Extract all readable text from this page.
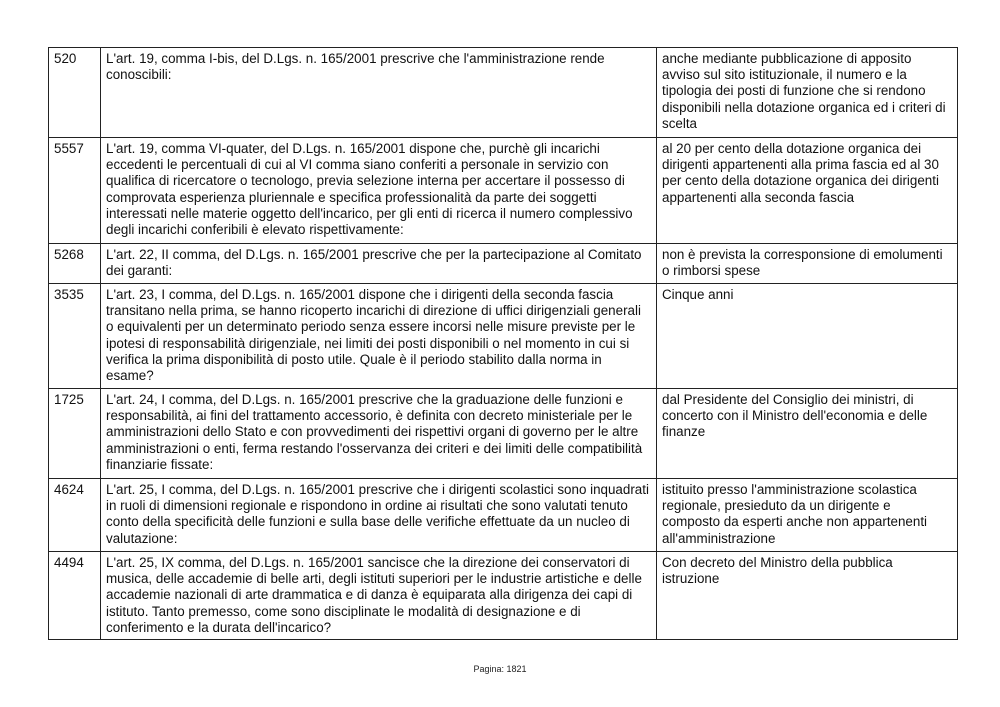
520	L'art. 19, comma I-bis, del D.Lgs. n. 165/2001 prescrive che l'amministrazione rende conoscibili:	anche mediante pubblicazione di apposito avviso sul sito istituzionale, il numero e la tipologia dei posti di funzione che si rendono disponibili nella dotazione organica ed i criteri di scelta
5557	L'art. 19, comma VI-quater, del D.Lgs. n. 165/2001 dispone che, purchè gli incarichi eccedenti le percentuali di cui al VI comma siano conferiti a personale in servizio con qualifica di ricercatore o tecnologo, previa selezione interna per accertare il possesso di comprovata esperienza pluriennale e specifica professionalità da parte dei soggetti interessati nelle materie oggetto dell'incarico, per gli enti di ricerca il numero complessivo degli incarichi conferibili è elevato rispettivamente:	al 20 per cento della dotazione organica dei dirigenti appartenenti alla prima fascia ed al 30 per cento della dotazione organica dei dirigenti appartenenti alla seconda fascia
5268	L'art. 22, II comma, del D.Lgs. n. 165/2001 prescrive che per la partecipazione al Comitato dei garanti:	non è prevista la corresponsione di emolumenti o rimborsi spese
3535	L'art. 23, I comma, del D.Lgs. n. 165/2001 dispone che i dirigenti della seconda fascia transitano nella prima, se hanno ricoperto incarichi di direzione di uffici dirigenziali generali o equivalenti per un determinato periodo senza essere incorsi nelle misure previste per le ipotesi di responsabilità dirigenziale, nei limiti dei posti disponibili o nel momento in cui si verifica la prima disponibilità di posto utile. Quale è il periodo stabilito dalla norma in esame?	Cinque anni
1725	L'art. 24, I comma, del D.Lgs. n. 165/2001 prescrive che la graduazione delle funzioni e responsabilità, ai fini del trattamento accessorio, è definita con decreto ministeriale per le amministrazioni dello Stato e con provvedimenti dei rispettivi organi di governo per le altre amministrazioni o enti, ferma restando l'osservanza dei criteri e dei limiti delle compatibilità finanziarie fissate:	dal Presidente del Consiglio dei ministri, di concerto con il Ministro dell'economia e delle finanze
4624	L'art. 25, I comma, del D.Lgs. n. 165/2001 prescrive che i dirigenti scolastici sono inquadrati in ruoli di dimensioni regionale e rispondono in ordine ai risultati che sono valutati tenuto conto della specificità delle funzioni e sulla base delle verifiche effettuate da un nucleo di valutazione:	istituito presso l'amministrazione scolastica regionale, presieduto da un dirigente e composto da esperti anche non appartenenti all'amministrazione
4494	L'art. 25, IX comma, del D.Lgs. n. 165/2001 sancisce che la direzione dei conservatori di musica, delle accademie di belle arti, degli istituti superiori per le industrie artistiche e delle accademie nazionali di arte drammatica e di danza è equiparata alla dirigenza dei capi di istituto. Tanto premesso, come sono disciplinate le modalità di designazione e di conferimento e la durata dell'incarico?	Con decreto del Ministro della pubblica istruzione
Pagina: 1821
